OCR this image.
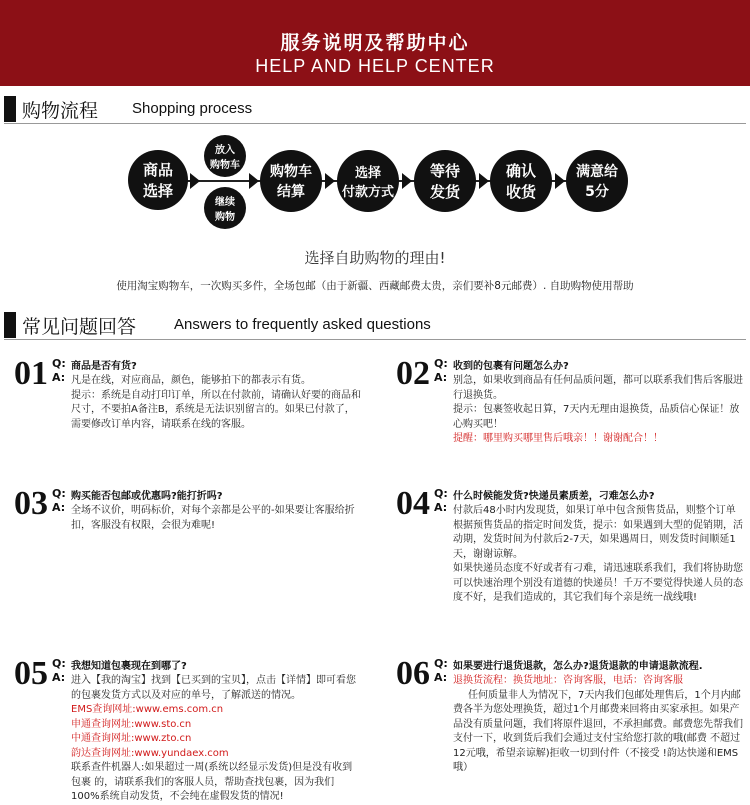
服务说明及帮助中心
HELP AND HELP CENTER
购物流程 Shopping process
商品
选择
放入
购物车
继续
购物
购物车
结算
选择
付款方式
等待
发货
确认
收货
满意给
5分
选择自助购物的理由!
使用淘宝购物车，一次购买多件，全场包邮（由于新疆、西藏邮费太贵，亲们要补8元邮费）. 自助购物使用帮助
常见问题回答	Answers to frequently asked questions
01 Q:
A:
商品是否有货?

凡是在线，对应商品，颜色，能够拍下的都表示有货。

提示：系统是自动打印订单，所以在付款前，请确认好要的商品和尺寸，不要拍A备注B，系统是无法识别留言的。如果已付款了，需要修改订单内容，请联系在线的客服。

02 Q:
A:
收到的包裹有问题怎么办?

别急，如果收到商品有任何品质问题，都可以联系我们售后客服进行退换货。

提示：包裹签收起日算，7天内无理由退换货，品质信心保证！放心购买吧！

提醒：哪里购买哪里售后哦亲！！谢谢配合！！

03 Q:
A:
购买能否包邮或优惠吗?能打折吗?

全场不议价，明码标价，对每个亲都是公平的-如果要让客服给折扣，客服没有权限，会很为难呢!

04 Q:
A:
什么时候能发货?快递员素质差，刁难怎么办?

付款后48小时内发现货，如果订单中包含预售货品，则整个订单根据预售货品的指定时间发货，提示：如果遇到大型的促销期，活动期，发货时间为付款后2-7天，如果遇周日，则发货时间顺延1天，谢谢谅解。

如果快递员态度不好或者有刁难，请迅速联系我们，我们将协助您可以快速治理个别没有道德的快递员！千万不要觉得快递人员的态度不好，是我们造成的，其它我们每个亲是统一战线哦!

05 Q:
A:
我想知道包裹现在到哪了?

进入【我的淘宝】找到【已买到的宝贝】，点击【详情】即可看您的包裹发货方式以及对应的单号，了解派送的情况。

EMS查询网址:www.ems.com.cn

申通查询网址:www.sto.cn

中通查询网址:www.zto.cn

韵达查询网址:www.yundaex.com

联系查件机器人:如果超过一周(系统以经显示发货)但是没有收到包裹 的，请联系我们的客服人员，帮助查找包裹，因为我们100%系统自动发货，不会纯在虚假发货的情况!

06 Q:
A:
如果要进行退货退款，怎么办?退货退款的申请退款流程.

退换货流程：换货地址：咨询客服，电话：咨询客服

任何质量非人为情况下，7天内我们包邮处理售后，1个月内邮费各半为您处理换货，超过1个月邮费来回将由买家承担。如果产品没有质量问题，我们将原件退回，不承担邮费。邮费您先帮我们支付一下，收到货后我们会通过支付宝给您打款的哦(邮费 不超过12元哦，希望亲谅解)拒收一切到付件（不接受 !韵达快递和EMS哦）
